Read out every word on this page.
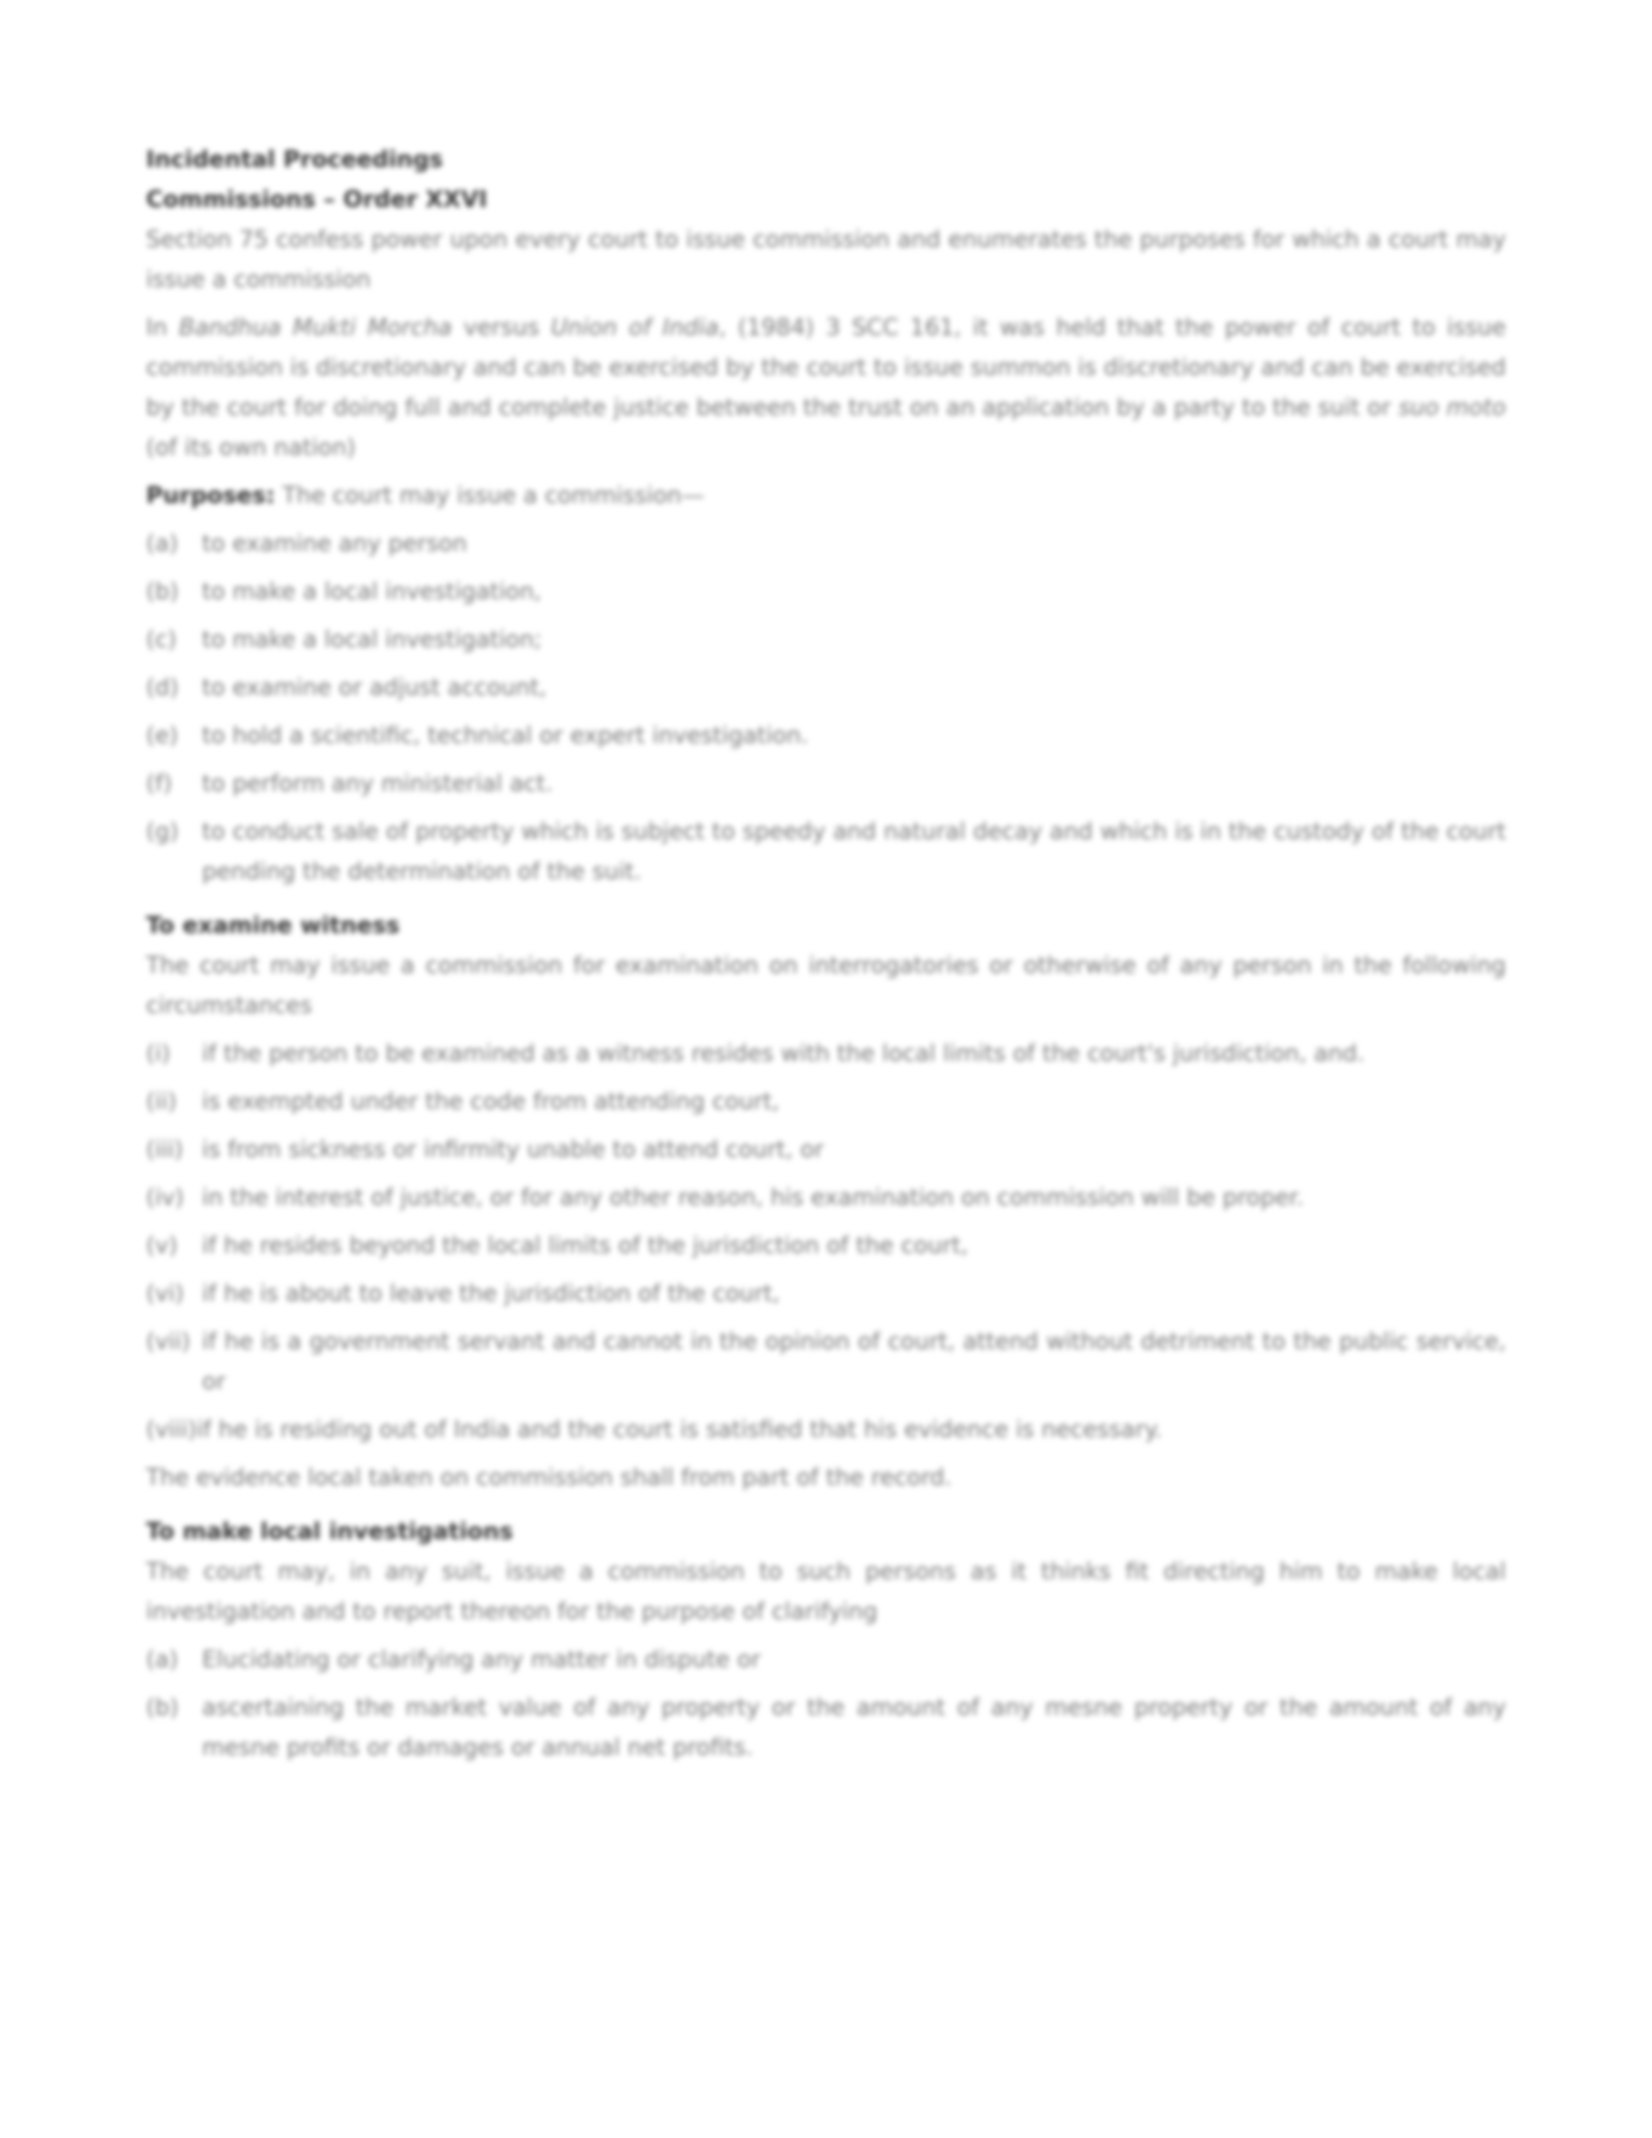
Incidental Proceedings
Commissions – Order XXVI

Section 75 confess power upon every court to issue commission and enumerates the purposes for which a court may issue a commission

In Bandhua Mukti Morcha versus Union of India, (1984) 3 SCC 161, it was held that the power of court to issue commission is discretionary and can be exercised by the court to issue summon is discretionary and can be exercised by the court for doing full and complete justice between the trust on an application by a party to the suit or suo moto (of its own nation)

Purposes: The court may issue a commission—

(a)	to examine any person
(b)	to make a local investigation,
(c)	to make a local investigation;
(d)	to examine or adjust account,
(e)	to hold a scientific, technical or expert investigation.
(f)	to perform any ministerial act.
(g)	to conduct sale of property which is subject to speedy and natural decay and which is in the custody of the court pending the determination of the suit.
To examine witness

The court may issue a commission for examination on interrogatories or otherwise of any person in the following circumstances

(i)	if the person to be examined as a witness resides with the local limits of the court's jurisdiction, and.
(ii)	is exempted under the code from attending court,
(iii) is from sickness or infirmity unable to attend court, or
(iv) in the interest of justice, or for any other reason, his examination on commission will be proper.
(v)	if he resides beyond the local limits of the jurisdiction of the court,
(vi) if he is about to leave the jurisdiction of the court,
(vii) if he is a government servant and cannot in the opinion of court, attend without detriment to the public service, or

(viii)if he is residing out of India and the court is satisfied that his evidence is necessary.

The evidence local taken on commission shall from part of the record.

To make local investigations

The court may, in any suit, issue a commission to such persons as it thinks fit directing him to make local investigation and to report thereon for the purpose of clarifying

(a)	Elucidating or clarifying any matter in dispute or
(b)	ascertaining the market value of any property or the amount of any mesne property or the amount of any mesne profits or damages or annual net profits.
